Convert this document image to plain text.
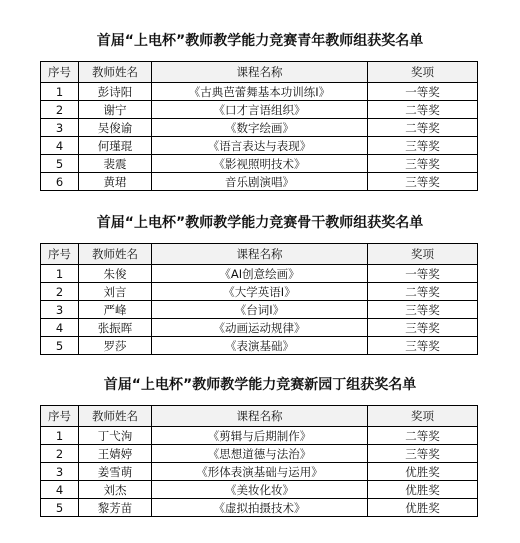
首届“上电杯”教师教学能力竞赛青年教师组获奖名单
序号	教师姓名	课程名称	奖项
1	彭诗阳	《古典芭蕾舞基本功训练Ⅰ》	一等奖
2	谢宁	《口才言语组织》	二等奖
3	吴俊谕	《数字绘画》	二等奖
4	何瑾琨	《语言表达与表现》	三等奖
5	裴震	《影视照明技术》	三等奖
6	黄珺	音乐剧演唱》	三等奖
首届“上电杯”教师教学能力竞赛骨干教师组获奖名单
序号	教师姓名	课程名称	奖项
1	朱俊	《AI创意绘画》	一等奖
2	刘言	《大学英语Ⅰ》	二等奖
3	严峰	《台词Ⅰ》	三等奖
4	张振晖	《动画运动规律》	三等奖
5	罗莎	《表演基础》	三等奖
首届“上电杯”教师教学能力竞赛新园丁组获奖名单
序号	教师姓名	课程名称	奖项
1	丁弋洵	《剪辑与后期制作》	二等奖
2	王婧婷	《思想道德与法治》	三等奖
3	姜雪萌	《形体表演基础与运用》	优胜奖
4	刘杰	《美妆化妆》	优胜奖
5	黎芳苗	《虚拟拍摄技术》	优胜奖
